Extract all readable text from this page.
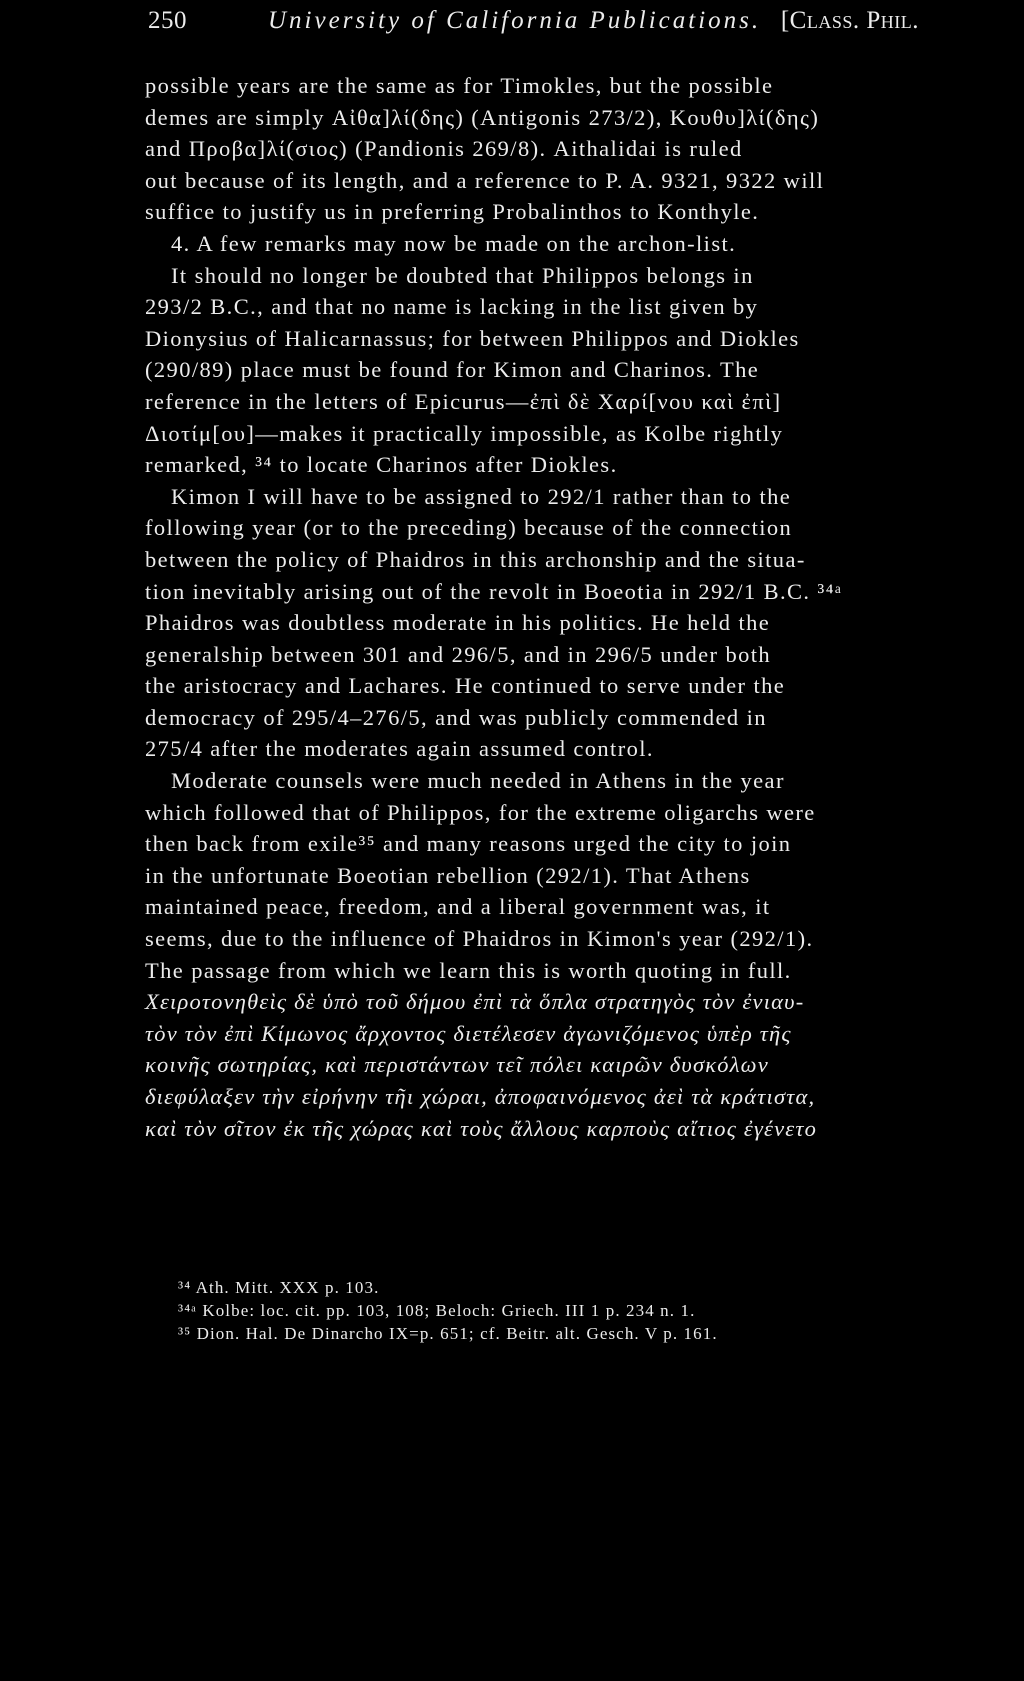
250	University of California Publications. [Class. Phil.
possible years are the same as for Timokles, but the possible
demes are simply Αἰθα]λί(δης) (Antigonis 273/2), Κουθυ]λί(δης)
and Προβα]λί(σιος) (Pandionis 269/8). Aithalidai is ruled
out because of its length, and a reference to P. A. 9321, 9322 will
suffice to justify us in preferring Probalinthos to Konthyle.
4. A few remarks may now be made on the archon-list.
It should no longer be doubted that Philippos belongs in
293/2 B.C., and that no name is lacking in the list given by
Dionysius of Halicarnassus; for between Philippos and Diokles
(290/89) place must be found for Kimon and Charinos. The
reference in the letters of Epicurus—ἐπὶ δὲ Χαρί[νου καὶ ἐπὶ]
Διοτίμ[ου]—makes it practically impossible, as Kolbe rightly
remarked, ³⁴ to locate Charinos after Diokles.
Kimon I will have to be assigned to 292/1 rather than to the
following year (or to the preceding) because of the connection
between the policy of Phaidros in this archonship and the situa-
tion inevitably arising out of the revolt in Boeotia in 292/1 B.C. ³⁴ᵃ
Phaidros was doubtless moderate in his politics. He held the
generalship between 301 and 296/5, and in 296/5 under both
the aristocracy and Lachares. He continued to serve under the
democracy of 295/4–276/5, and was publicly commended in
275/4 after the moderates again assumed control.
Moderate counsels were much needed in Athens in the year
which followed that of Philippos, for the extreme oligarchs were
then back from exile³⁵ and many reasons urged the city to join
in the unfortunate Boeotian rebellion (292/1). That Athens
maintained peace, freedom, and a liberal government was, it
seems, due to the influence of Phaidros in Kimon's year (292/1).
The passage from which we learn this is worth quoting in full.
Χειροτονηθεὶς δὲ ὑπὸ τοῦ δήμου ἐπὶ τὰ ὅπλα στρατηγὸς τὸν ἐνιαυ-
τὸν τὸν ἐπὶ Κίμωνος ἄρχοντος διετέλεσεν ἀγωνιζόμενος ὑπὲρ τῆς
κοινῆς σωτηρίας, καὶ περιστάντων τεῖ πόλει καιρῶν δυσκόλων
διεφύλαξεν τὴν εἰρήνην τῆι χώραι, ἀποφαινόμενος ἀεὶ τὰ κράτιστα,
καὶ τὸν σῖτον ἐκ τῆς χώρας καὶ τοὺς ἄλλους καρποὺς αἴτιος ἐγένετο
³⁴ Ath. Mitt. XXX p. 103.
³⁴ᵃ Kolbe: loc. cit. pp. 103, 108; Beloch: Griech. III 1 p. 234 n. 1.
³⁵ Dion. Hal. De Dinarcho IX=p. 651; cf. Beitr. alt. Gesch. V p. 161.
